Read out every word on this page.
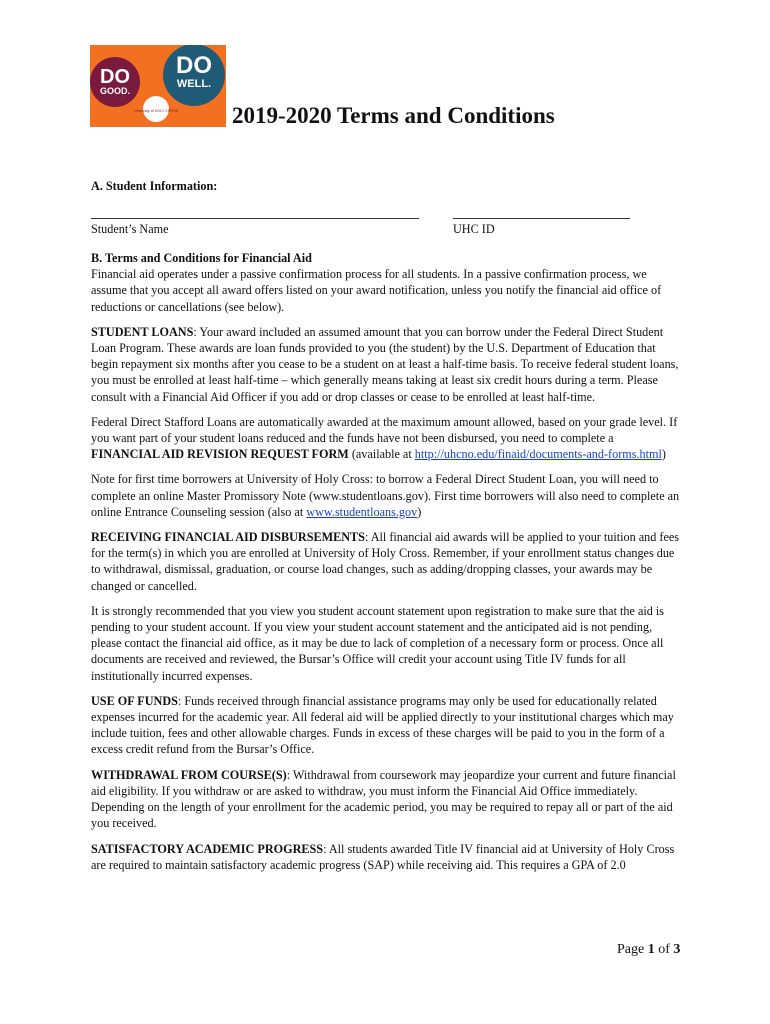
DO
GOOD.
DO
WELL.
University of HOLY CROSS 2019-2020 Terms and Conditions
A. Student Information:
Student’s Name	UHC ID
B. Terms and Conditions for Financial Aid

Financial aid operates under a passive confirmation process for all students. In a passive confirmation process, we assume that you accept all award offers listed on your award notification, unless you notify the financial aid office of reductions or cancellations (see below).

STUDENT LOANS: Your award included an assumed amount that you can borrow under the Federal Direct Student Loan Program. These awards are loan funds provided to you (the student) by the U.S. Department of Education that begin repayment six months after you cease to be a student on at least a half-time basis. To receive federal student loans, you must be enrolled at least half-time – which generally means taking at least six credit hours during a term. Please consult with a Financial Aid Officer if you add or drop classes or cease to be enrolled at least half-time.

Federal Direct Stafford Loans are automatically awarded at the maximum amount allowed, based on your grade level. If you want part of your student loans reduced and the funds have not been disbursed, you need to complete a FINANCIAL AID REVISION REQUEST FORM (available at http://uhcno.edu/finaid/documents-and-forms.html)

Note for first time borrowers at University of Holy Cross: to borrow a Federal Direct Student Loan, you will need to complete an online Master Promissory Note (www.studentloans.gov). First time borrowers will also need to complete an online Entrance Counseling session (also at www.studentloans.gov)

RECEIVING FINANCIAL AID DISBURSEMENTS: All financial aid awards will be applied to your tuition and fees for the term(s) in which you are enrolled at University of Holy Cross. Remember, if your enrollment status changes due to withdrawal, dismissal, graduation, or course load changes, such as adding/dropping classes, your awards may be changed or cancelled.

It is strongly recommended that you view you student account statement upon registration to make sure that the aid is pending to your student account. If you view your student account statement and the anticipated aid is not pending, please contact the financial aid office, as it may be due to lack of completion of a necessary form or process. Once all documents are received and reviewed, the Bursar’s Office will credit your account using Title IV funds for all institutionally incurred expenses.

USE OF FUNDS: Funds received through financial assistance programs may only be used for educationally related expenses incurred for the academic year. All federal aid will be applied directly to your institutional charges which may include tuition, fees and other allowable charges. Funds in excess of these charges will be paid to you in the form of a excess credit refund from the Bursar’s Office.

WITHDRAWAL FROM COURSE(S): Withdrawal from coursework may jeopardize your current and future financial aid eligibility. If you withdraw or are asked to withdraw, you must inform the Financial Aid Office immediately. Depending on the length of your enrollment for the academic period, you may be required to repay all or part of the aid you received.

SATISFACTORY ACADEMIC PROGRESS: All students awarded Title IV financial aid at University of Holy Cross are required to maintain satisfactory academic progress (SAP) while receiving aid. This requires a GPA of 2.0

Page 1 of 3
